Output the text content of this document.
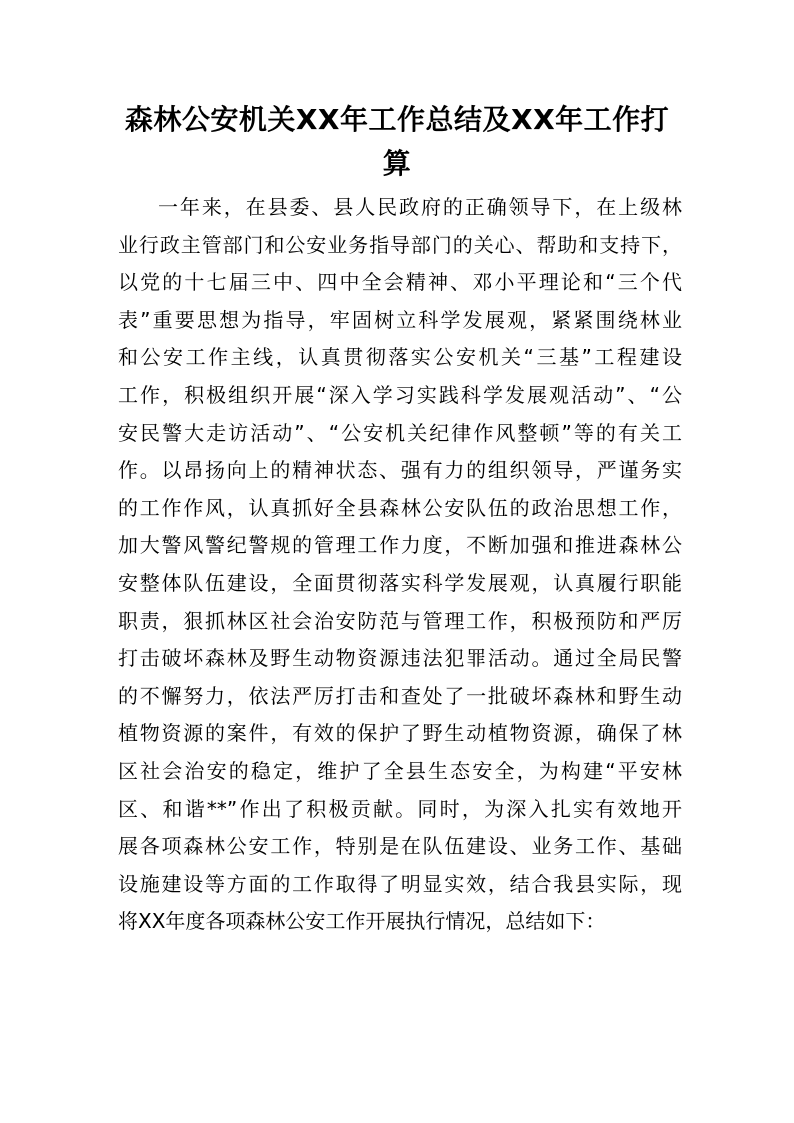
森林公安机关XX年工作总结及XX年工作打
算
一年来，在县委、县人民政府的正确领导下，在上级林
业行政主管部门和公安业务指导部门的关心、帮助和支持下，
以党的十七届三中、四中全会精神、邓小平理论和“三个代
表”重要思想为指导，牢固树立科学发展观，紧紧围绕林业
和公安工作主线，认真贯彻落实公安机关“三基”工程建设
工作，积极组织开展“深入学习实践科学发展观活动”、“公
安民警大走访活动”、“公安机关纪律作风整顿”等的有关工
作。以昂扬向上的精神状态、强有力的组织领导，严谨务实
的工作作风，认真抓好全县森林公安队伍的政治思想工作，
加大警风警纪警规的管理工作力度，不断加强和推进森林公
安整体队伍建设，全面贯彻落实科学发展观，认真履行职能
职责，狠抓林区社会治安防范与管理工作，积极预防和严厉
打击破坏森林及野生动物资源违法犯罪活动。通过全局民警
的不懈努力，依法严厉打击和查处了一批破坏森林和野生动
植物资源的案件，有效的保护了野生动植物资源，确保了林
区社会治安的稳定，维护了全县生态安全，为构建“平安林
区、和谐**”作出了积极贡献。同时，为深入扎实有效地开
展各项森林公安工作，特别是在队伍建设、业务工作、基础
设施建设等方面的工作取得了明显实效，结合我县实际，现
将XX年度各项森林公安工作开展执行情况，总结如下：
